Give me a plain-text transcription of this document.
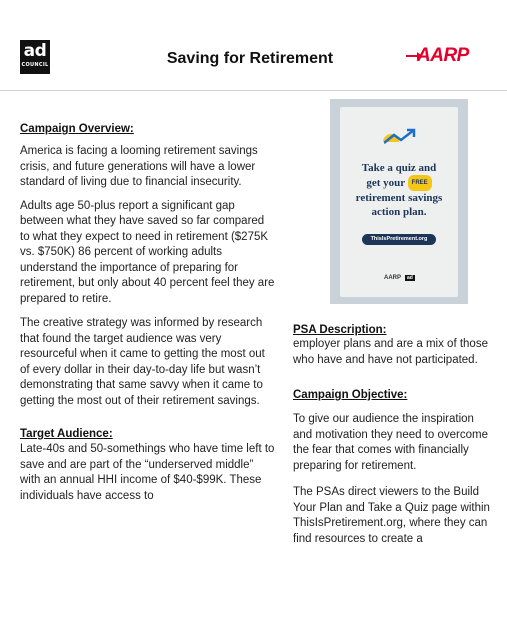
ad
COUNCIL	Saving for Retirement	AARP
Campaign Overview:

America is facing a looming retirement savings crisis, and future generations will have a lower standard of living due to financial insecurity.

Adults age 50-plus report a significant gap between what they have saved so far compared to what they expect to need in retirement ($275K vs. $750K) 86 percent of working adults understand the importance of preparing for retirement, but only about 40 percent feel they are prepared to retire.

The creative strategy was informed by research that found the target audience was very resourceful when it came to getting the most out of every dollar in their day-to-day life but wasn’t demonstrating that same savvy when it came to getting the most out of their retirement savings.

Target Audience:

Late-40s and 50-somethings who have time left to save and are part of the “underserved middle” with an annual HHI income of $40-$99K. These individuals have access to

Take a quiz and
get your FREE
retirement savings
action plan.
ThisIsPretirement.org
AARP ad
PSA Description:

employer plans and are a mix of those who have and have not participated.

Campaign Objective:

To give our audience the inspiration and motivation they need to overcome the fear that comes with financially preparing for retirement.

The PSAs direct viewers to the Build Your Plan and Take a Quiz page within ThisIsPretirement.org, where they can find resources to create a
